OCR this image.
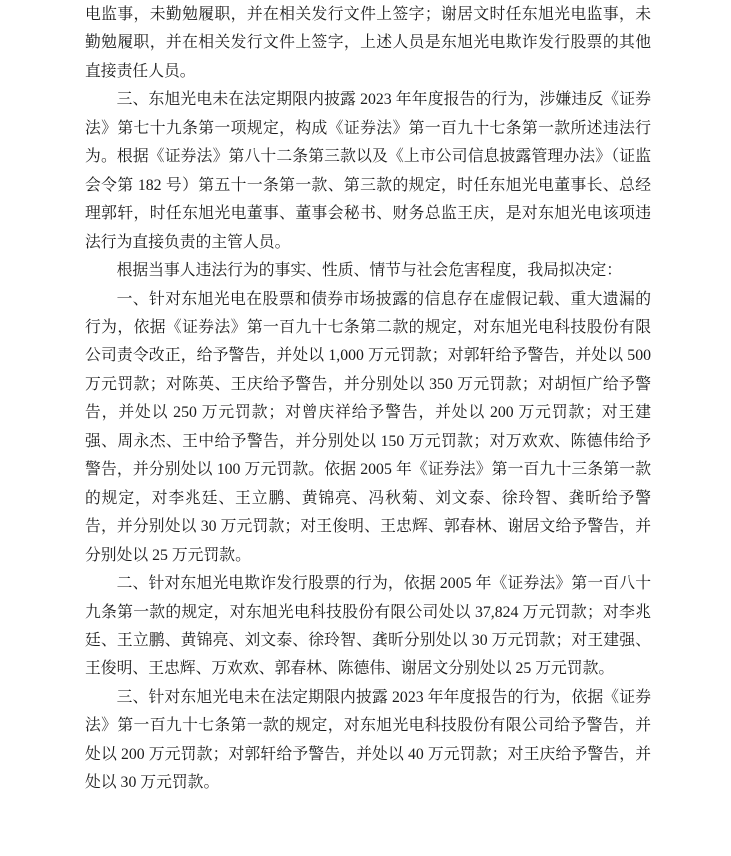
电监事，未勤勉履职，并在相关发行文件上签字；谢居文时任东旭光电监事，未勤勉履职，并在相关发行文件上签字，上述人员是东旭光电欺诈发行股票的其他直接责任人员。

三、东旭光电未在法定期限内披露 2023 年年度报告的行为，涉嫌违反《证券法》第七十九条第一项规定，构成《证券法》第一百九十七条第一款所述违法行为。根据《证券法》第八十二条第三款以及《上市公司信息披露管理办法》（证监会令第 182 号）第五十一条第一款、第三款的规定，时任东旭光电董事长、总经理郭轩，时任东旭光电董事、董事会秘书、财务总监王庆，是对东旭光电该项违法行为直接负责的主管人员。

根据当事人违法行为的事实、性质、情节与社会危害程度，我局拟决定：

一、针对东旭光电在股票和债券市场披露的信息存在虚假记载、重大遗漏的行为，依据《证券法》第一百九十七条第二款的规定，对东旭光电科技股份有限公司责令改正，给予警告，并处以 1,000 万元罚款；对郭轩给予警告，并处以 500 万元罚款；对陈英、王庆给予警告，并分别处以 350 万元罚款；对胡恒广给予警告，并处以 250 万元罚款；对曾庆祥给予警告，并处以 200 万元罚款；对王建强、周永杰、王中给予警告，并分别处以 150 万元罚款；对万欢欢、陈德伟给予警告，并分别处以 100 万元罚款。依据 2005 年《证券法》第一百九十三条第一款的规定，对李兆廷、王立鹏、黄锦亮、冯秋菊、刘文泰、徐玲智、龚昕给予警告，并分别处以 30 万元罚款；对王俊明、王忠辉、郭春林、谢居文给予警告，并分别处以 25 万元罚款。

二、针对东旭光电欺诈发行股票的行为，依据 2005 年《证券法》第一百八十九条第一款的规定，对东旭光电科技股份有限公司处以 37,824 万元罚款；对李兆廷、王立鹏、黄锦亮、刘文泰、徐玲智、龚昕分别处以 30 万元罚款；对王建强、王俊明、王忠辉、万欢欢、郭春林、陈德伟、谢居文分别处以 25 万元罚款。

三、针对东旭光电未在法定期限内披露 2023 年年度报告的行为，依据《证券法》第一百九十七条第一款的规定，对东旭光电科技股份有限公司给予警告，并处以 200 万元罚款；对郭轩给予警告，并处以 40 万元罚款；对王庆给予警告，并处以 30 万元罚款。
